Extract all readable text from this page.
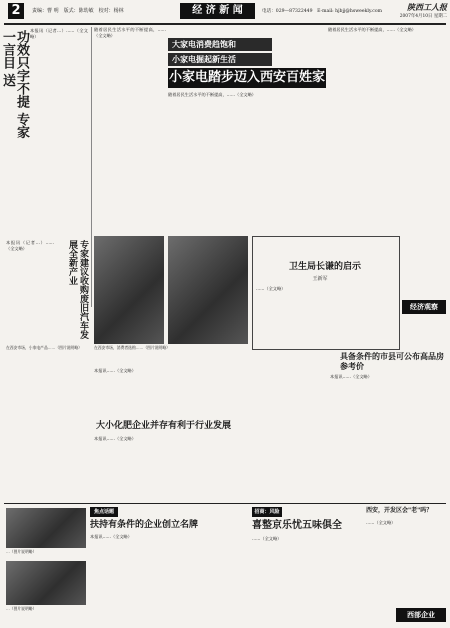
2	责编：曹 明　版式：陈幼敏　校对：杨林	经 济 新 闻	电话：029—87322449　E-mail: hjbjj@hsweekly.com	陕西工人报
2007年4月10日 星期二
功效只字不提 专家 一言目 送	本报讯（记者…）……（全文略）
随着居民生活水平的不断提高，……（全文略）
大家电消费趋饱和
小家电掘起新生活
小家电踏步迈入西安百姓家
随着居民生活水平的不断提高，……（全文略）
随着居民生活水平的不断提高，……（全文略）
本报讯（记者…）……（全文略）	专家建议收购废旧汽车发展全新产业
在西安市场，小家电产品……（图片说明略）	在西安市场，消费者选购……（图片说明略）
卫生局长谦的启示
王新军
……（全文略）
经济观察
具备条件的市县可公布高品房参考价
本报讯……（全文略）
本报讯……（全文略）
大小化肥企业并存有利于行业发展
本报讯……（全文略）
焦点话题
扶持有条件的企业创立名牌
本报讯……（全文略）
…（图片说明略）
…（图片说明略）
招商：风险
喜整京乐忧五味俱全
……（全文略）
西安，开发区会"老"吗？
……（全文略）
西部企业
